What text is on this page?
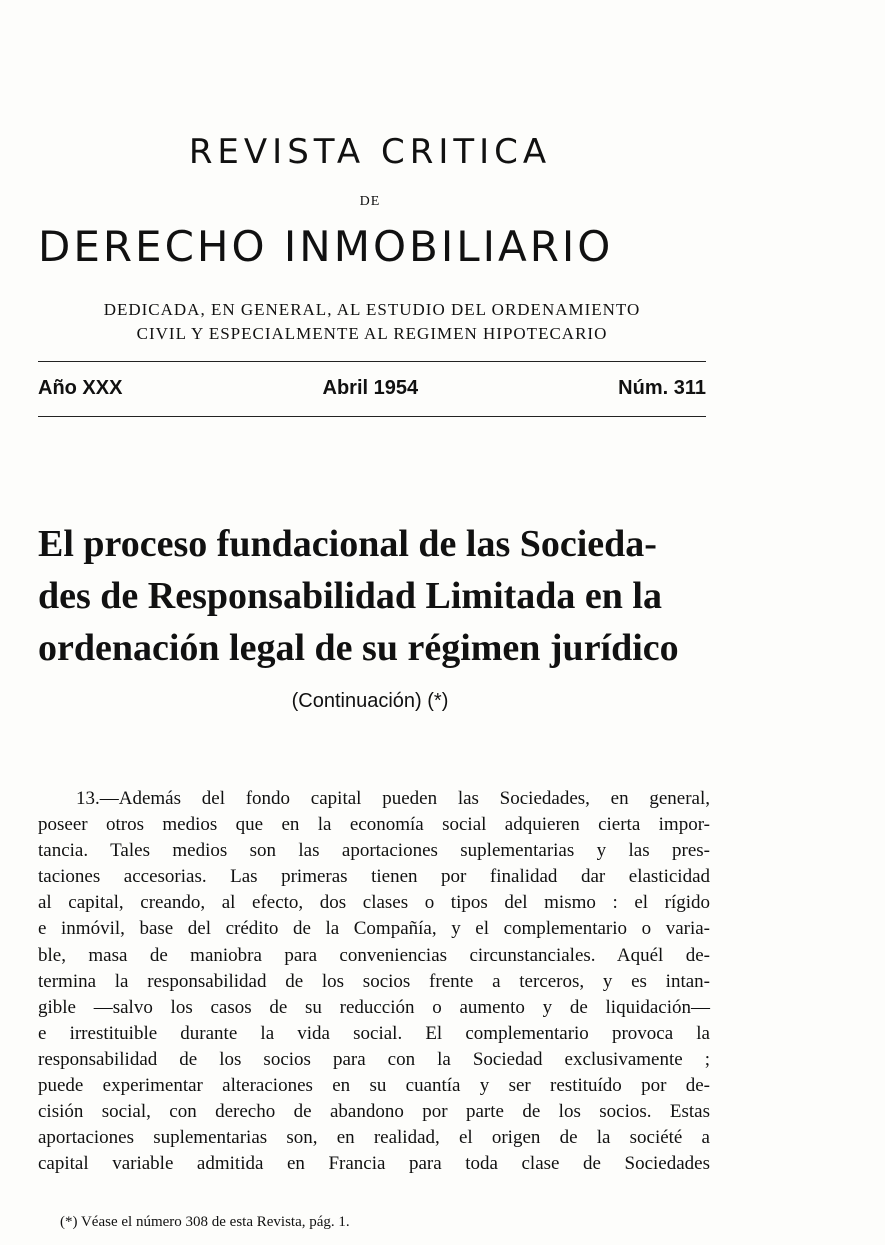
REVISTA CRITICA
DE
DERECHO INMOBILIARIO
DEDICADA, EN GENERAL, AL ESTUDIO DEL ORDENAMIENTO
CIVIL Y ESPECIALMENTE AL REGIMEN HIPOTECARIO
Año XXX	Abril 1954	Núm. 311
El proceso fundacional de las Socieda-
des de Responsabilidad Limitada en la
ordenación legal de su régimen jurídico
(Continuación) (*)
13.—Además del fondo capital pueden las Sociedades, en general,
poseer otros medios que en la economía social adquieren cierta impor-
tancia. Tales medios son las aportaciones suplementarias y las pres-
taciones accesorias. Las primeras tienen por finalidad dar elasticidad
al capital, creando, al efecto, dos clases o tipos del mismo : el rígido
e inmóvil, base del crédito de la Compañía, y el complementario o varia-
ble, masa de maniobra para conveniencias circunstanciales. Aquél de-
termina la responsabilidad de los socios frente a terceros, y es intan-
gible —salvo los casos de su reducción o aumento y de liquidación—
e irrestituible durante la vida social. El complementario provoca la
responsabilidad de los socios para con la Sociedad exclusivamente ;
puede experimentar alteraciones en su cuantía y ser restituído por de-
cisión social, con derecho de abandono por parte de los socios. Estas
aportaciones suplementarias son, en realidad, el origen de la société a
capital variable admitida en Francia para toda clase de Sociedades
(*) Véase el número 308 de esta Revista, pág. 1.
